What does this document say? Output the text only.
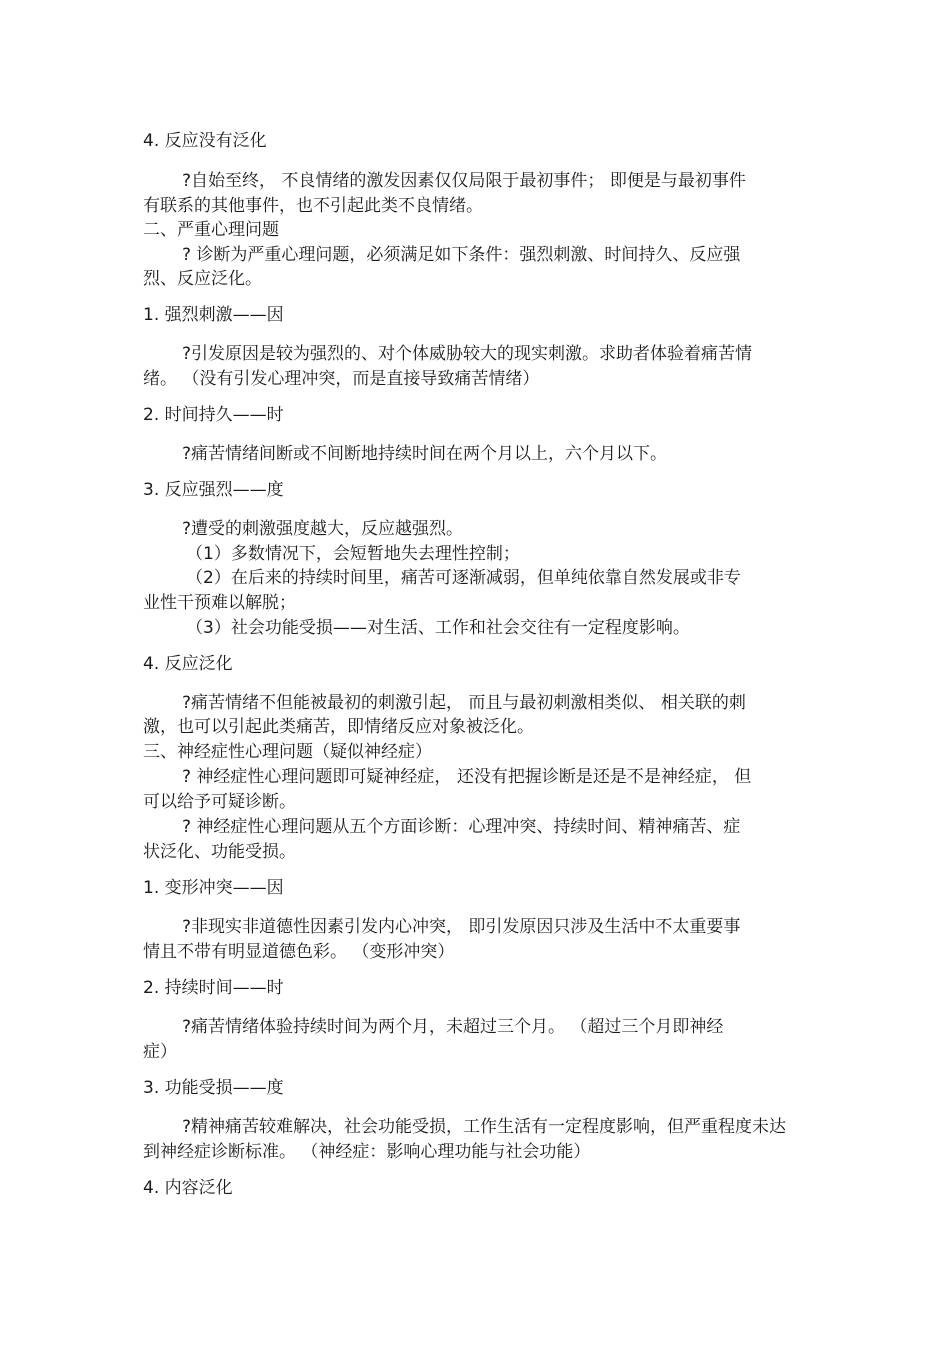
4. 反应没有泛化
?自始至终， 不良情绪的激发因素仅仅局限于最初事件； 即便是与最初事件
有联系的其他事件，也不引起此类不良情绪。
二、严重心理问题
? 诊断为严重心理问题，必须满足如下条件：强烈刺激、时间持久、反应强
烈、反应泛化。
1. 强烈刺激——因
?引发原因是较为强烈的、对个体威胁较大的现实刺激。求助者体验着痛苦情
绪。 （没有引发心理冲突，而是直接导致痛苦情绪）
2. 时间持久——时
?痛苦情绪间断或不间断地持续时间在两个月以上，六个月以下。
3. 反应强烈——度
?遭受的刺激强度越大，反应越强烈。
（1）多数情况下，会短暂地失去理性控制；
（2）在后来的持续时间里，痛苦可逐渐减弱，但单纯依靠自然发展或非专
业性干预难以解脱；
（3）社会功能受损——对生活、工作和社会交往有一定程度影响。
4. 反应泛化
?痛苦情绪不但能被最初的刺激引起， 而且与最初刺激相类似、 相关联的刺
激，也可以引起此类痛苦，即情绪反应对象被泛化。
三、神经症性心理问题（疑似神经症）
? 神经症性心理问题即可疑神经症， 还没有把握诊断是还是不是神经症， 但
可以给予可疑诊断。
? 神经症性心理问题从五个方面诊断：心理冲突、持续时间、精神痛苦、症
状泛化、功能受损。
1. 变形冲突——因
?非现实非道德性因素引发内心冲突， 即引发原因只涉及生活中不太重要事
情且不带有明显道德色彩。 （变形冲突）
2. 持续时间——时
?痛苦情绪体验持续时间为两个月，未超过三个月。 （超过三个月即神经
症）
3. 功能受损——度
?精神痛苦较难解决，社会功能受损，工作生活有一定程度影响，但严重程度未达
到神经症诊断标准。 （神经症：影响心理功能与社会功能）
4. 内容泛化
